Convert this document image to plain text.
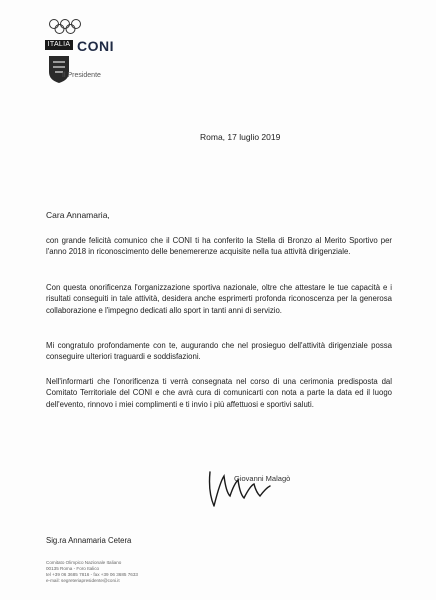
ITALIA CONI
Il Presidente
Roma, 17 luglio 2019
Cara Annamaria,

con grande felicità comunico che il CONI ti ha conferito la Stella di Bronzo al Merito Sportivo per l'anno 2018 in riconoscimento delle benemerenze acquisite nella tua attività dirigenziale.

Con questa onorificenza l'organizzazione sportiva nazionale, oltre che attestare le tue capacità e i risultati conseguiti in tale attività, desidera anche esprimerti profonda riconoscenza per la generosa collaborazione e l'impegno dedicati allo sport in tanti anni di servizio.

Mi congratulo profondamente con te, augurando che nel prosieguo dell'attività dirigenziale possa conseguire ulteriori traguardi e soddisfazioni.

Nell'informarti che l'onorificenza ti verrà consegnata nel corso di una cerimonia predisposta dal Comitato Territoriale del CONI e che avrà cura di comunicarti con nota a parte la data ed il luogo dell'evento, rinnovo i miei complimenti e ti invio i più affettuosi e sportivi saluti.

Giovanni Malagò
Sig.ra Annamaria Cetera
Comitato Olimpico Nazionale Italiano
00135 Roma - Foro Italico
tel +39 06 3685 7816 - fax +39 06 3685 7633
e-mail: segreteriapresidente@coni.it
